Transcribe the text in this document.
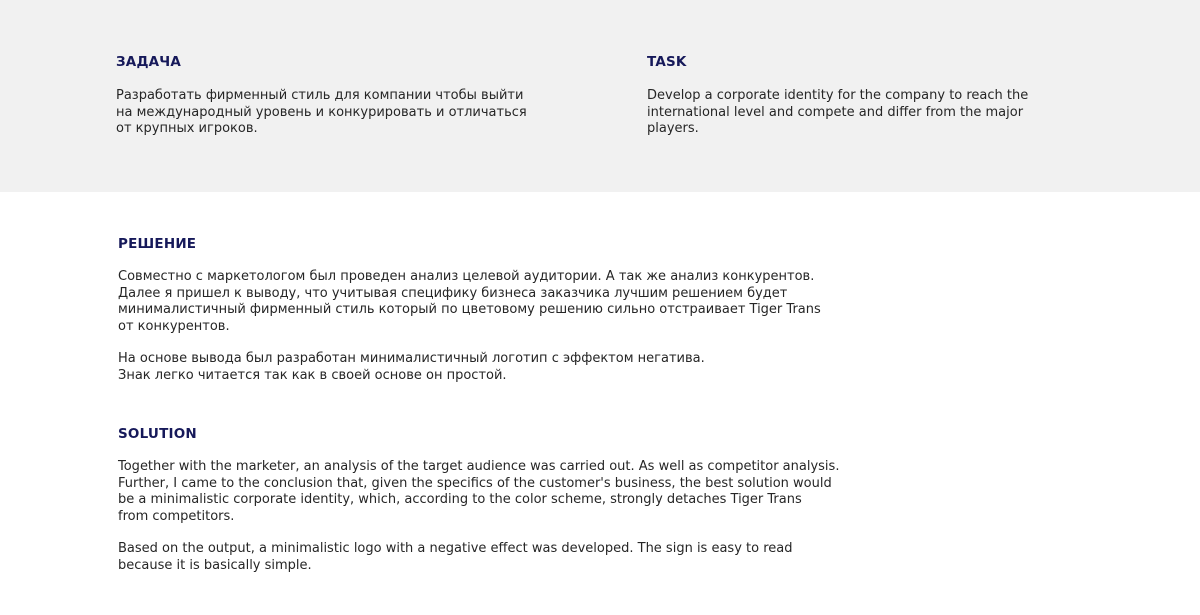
ЗАДАЧА

Разработать фирменный стиль для компании чтобы выйти
на международный уровень и конкурировать и отличаться
от крупных игроков.

TASK

Develop a corporate identity for the company to reach the
international level and compete and differ from the major
players.

РЕШЕНИЕ

Совместно с маркетологом был проведен анализ целевой аудитории. А так же анализ конкурентов.
Далее я пришел к выводу, что учитывая специфику бизнеса заказчика лучшим решением будет
минималистичный фирменный стиль который по цветовому решению сильно отстраивает Tiger Trans
от конкурентов.

На основе вывода был разработан минималистичный логотип с эффектом негатива.
Знак легко читается так как в своей основе он простой.

SOLUTION

Together with the marketer, an analysis of the target audience was carried out. As well as competitor analysis.
Further, I came to the conclusion that, given the specifics of the customer's business, the best solution would
be a minimalistic corporate identity, which, according to the color scheme, strongly detaches Tiger Trans
from competitors.

Based on the output, a minimalistic logo with a negative effect was developed. The sign is easy to read
because it is basically simple.
